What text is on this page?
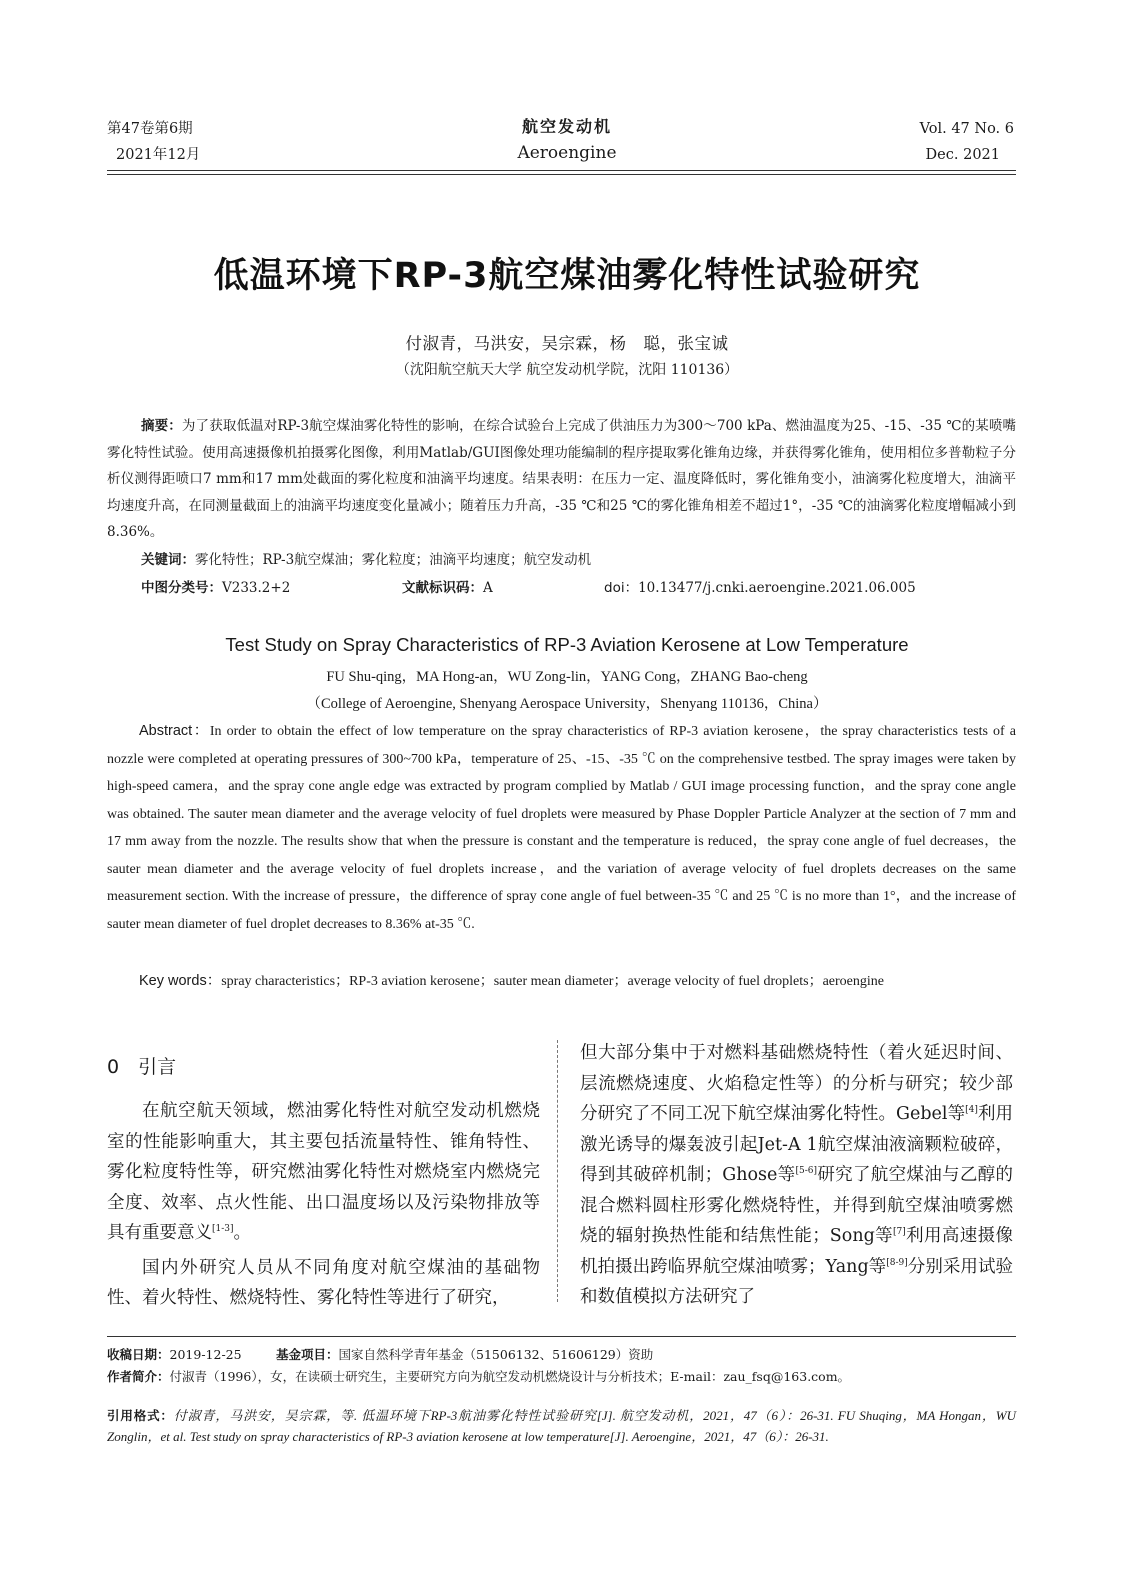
第47卷第6期
2021年12月
航空发动机
Aeroengine
Vol. 47 No. 6
Dec. 2021
低温环境下RP-3航空煤油雾化特性试验研究
付淑青，马洪安，吴宗霖，杨　聪，张宝诚
（沈阳航空航天大学 航空发动机学院，沈阳 110136）
摘要：为了获取低温对RP-3航空煤油雾化特性的影响，在综合试验台上完成了供油压力为300～700 kPa、燃油温度为25、-15、-35 ℃的某喷嘴雾化特性试验。使用高速摄像机拍摄雾化图像，利用Matlab/GUI图像处理功能编制的程序提取雾化锥角边缘，并获得雾化锥角，使用相位多普勒粒子分析仪测得距喷口7 mm和17 mm处截面的雾化粒度和油滴平均速度。结果表明：在压力一定、温度降低时，雾化锥角变小，油滴雾化粒度增大，油滴平均速度升高，在同测量截面上的油滴平均速度变化量减小；随着压力升高，-35 ℃和25 ℃的雾化锥角相差不超过1°，-35 ℃的油滴雾化粒度增幅减小到8.36%。
关键词：雾化特性；RP-3航空煤油；雾化粒度；油滴平均速度；航空发动机
中图分类号：V233.2+2	文献标识码：A	doi：10.13477/j.cnki.aeroengine.2021.06.005
Test Study on Spray Characteristics of RP-3 Aviation Kerosene at Low Temperature
FU Shu-qing，MA Hong-an，WU Zong-lin，YANG Cong，ZHANG Bao-cheng
（College of Aeroengine, Shenyang Aerospace University，Shenyang 110136，China）
Abstract：In order to obtain the effect of low temperature on the spray characteristics of RP-3 aviation kerosene，the spray characteristics tests of a nozzle were completed at operating pressures of 300~700 kPa，temperature of 25、-15、-35 ℃ on the comprehensive testbed. The spray images were taken by high-speed camera，and the spray cone angle edge was extracted by program complied by Matlab / GUI image processing function，and the spray cone angle was obtained. The sauter mean diameter and the average velocity of fuel droplets were measured by Phase Doppler Particle Analyzer at the section of 7 mm and 17 mm away from the nozzle. The results show that when the pressure is constant and the temperature is reduced，the spray cone angle of fuel decreases，the sauter mean diameter and the average velocity of fuel droplets increase，and the variation of average velocity of fuel droplets decreases on the same measurement section. With the increase of pressure，the difference of spray cone angle of fuel between-35 ℃ and 25 ℃ is no more than 1°，and the increase of sauter mean diameter of fuel droplet decreases to 8.36% at-35 ℃.
Key words：spray characteristics；RP-3 aviation kerosene；sauter mean diameter；average velocity of fuel droplets；aeroengine
0　引言

在航空航天领域，燃油雾化特性对航空发动机燃烧室的性能影响重大，其主要包括流量特性、锥角特性、雾化粒度特性等，研究燃油雾化特性对燃烧室内燃烧完全度、效率、点火性能、出口温度场以及污染物排放等具有重要意义[1-3]。

国内外研究人员从不同角度对航空煤油的基础物性、着火特性、燃烧特性、雾化特性等进行了研究，

但大部分集中于对燃料基础燃烧特性（着火延迟时间、层流燃烧速度、火焰稳定性等）的分析与研究；较少部分研究了不同工况下航空煤油雾化特性。Gebel等[4]利用激光诱导的爆轰波引起Jet-A 1航空煤油液滴颗粒破碎，得到其破碎机制；Ghose等[5-6]研究了航空煤油与乙醇的混合燃料圆柱形雾化燃烧特性，并得到航空煤油喷雾燃烧的辐射换热性能和结焦性能；Song等[7]利用高速摄像机拍摄出跨临界航空煤油喷雾；Yang等[8-9]分别采用试验和数值模拟方法研究了

收稿日期：2019-12-25	基金项目：国家自然科学青年基金（51506132、51606129）资助
作者简介：付淑青（1996），女，在读硕士研究生，主要研究方向为航空发动机燃烧设计与分析技术；E-mail：zau_fsq@163.com。
引用格式：付淑青，马洪安，吴宗霖，等. 低温环境下RP-3航油雾化特性试验研究[J]. 航空发动机，2021，47（6）：26-31. FU Shuqing，MA Hongan，WU Zonglin，et al. Test study on spray characteristics of RP-3 aviation kerosene at low temperature[J]. Aeroengine，2021，47（6）：26-31.
